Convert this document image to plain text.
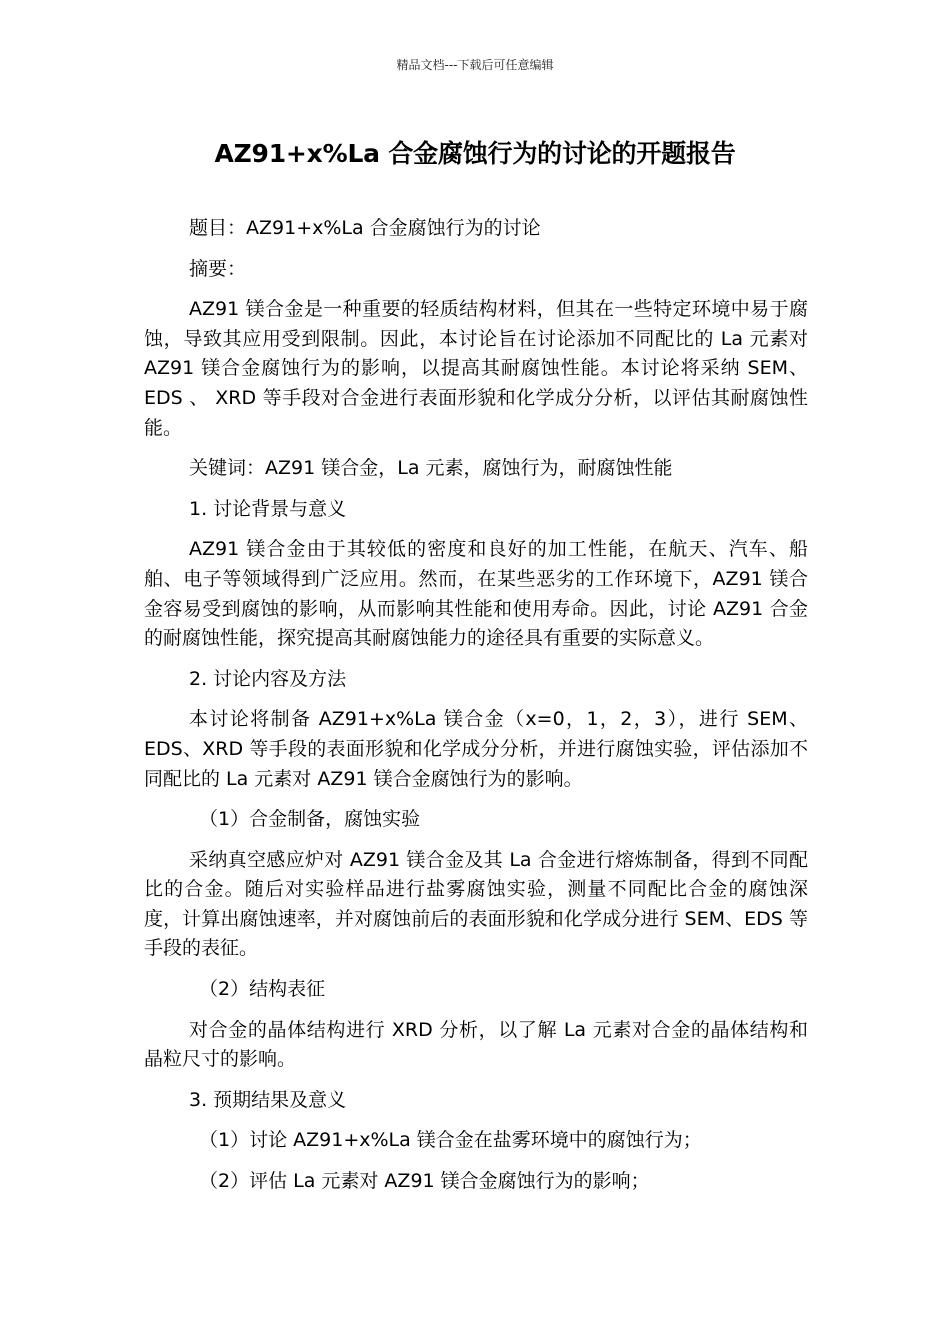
精品文档---下载后可任意编辑
AZ91+x%La 合金腐蚀行为的讨论的开题报告

题目：AZ91+x%La 合金腐蚀行为的讨论

摘要：

AZ91 镁合金是一种重要的轻质结构材料，但其在一些特定环境中易于腐蚀，导致其应用受到限制。因此，本讨论旨在讨论添加不同配比的 La 元素对 AZ91 镁合金腐蚀行为的影响，以提高其耐腐蚀性能。本讨论将采纳 SEM、EDS 、 XRD 等手段对合金进行表面形貌和化学成分分析，以评估其耐腐蚀性能。

关键词：AZ91 镁合金，La 元素，腐蚀行为，耐腐蚀性能

1. 讨论背景与意义

AZ91 镁合金由于其较低的密度和良好的加工性能，在航天、汽车、船舶、电子等领域得到广泛应用。然而，在某些恶劣的工作环境下，AZ91 镁合金容易受到腐蚀的影响，从而影响其性能和使用寿命。因此，讨论 AZ91 合金的耐腐蚀性能，探究提高其耐腐蚀能力的途径具有重要的实际意义。

2. 讨论内容及方法

本讨论将制备 AZ91+x%La 镁合金（x=0，1，2，3），进行 SEM、EDS、XRD 等手段的表面形貌和化学成分分析，并进行腐蚀实验，评估添加不同配比的 La 元素对 AZ91 镁合金腐蚀行为的影响。

（1）合金制备，腐蚀实验

采纳真空感应炉对 AZ91 镁合金及其 La 合金进行熔炼制备，得到不同配比的合金。随后对实验样品进行盐雾腐蚀实验，测量不同配比合金的腐蚀深度，计算出腐蚀速率，并对腐蚀前后的表面形貌和化学成分进行 SEM、EDS 等手段的表征。

（2）结构表征

对合金的晶体结构进行 XRD 分析，以了解 La 元素对合金的晶体结构和晶粒尺寸的影响。

3. 预期结果及意义

（1）讨论 AZ91+x%La 镁合金在盐雾环境中的腐蚀行为；

（2）评估 La 元素对 AZ91 镁合金腐蚀行为的影响；
